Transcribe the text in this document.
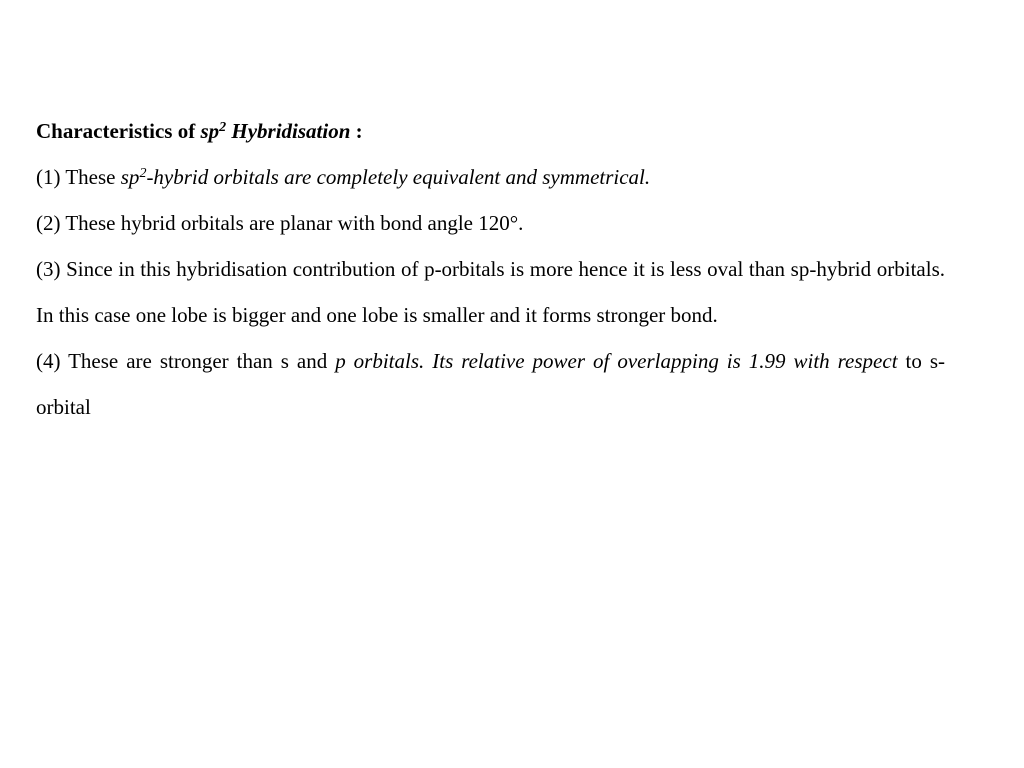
Characteristics of $sp^2$ Hybridisation :

(1) These $sp^2$-hybrid orbitals are completely equivalent and symmetrical.

(2) These hybrid orbitals are planar with bond angle 120°.

(3) Since in this hybridisation contribution of p-orbitals is more hence it is less oval than sp-hybrid orbitals. In this case one lobe is bigger and one lobe is smaller and it forms stronger bond.

(4) These are stronger than s and p orbitals. Its relative power of overlapping is 1.99 with respect to s-orbital
